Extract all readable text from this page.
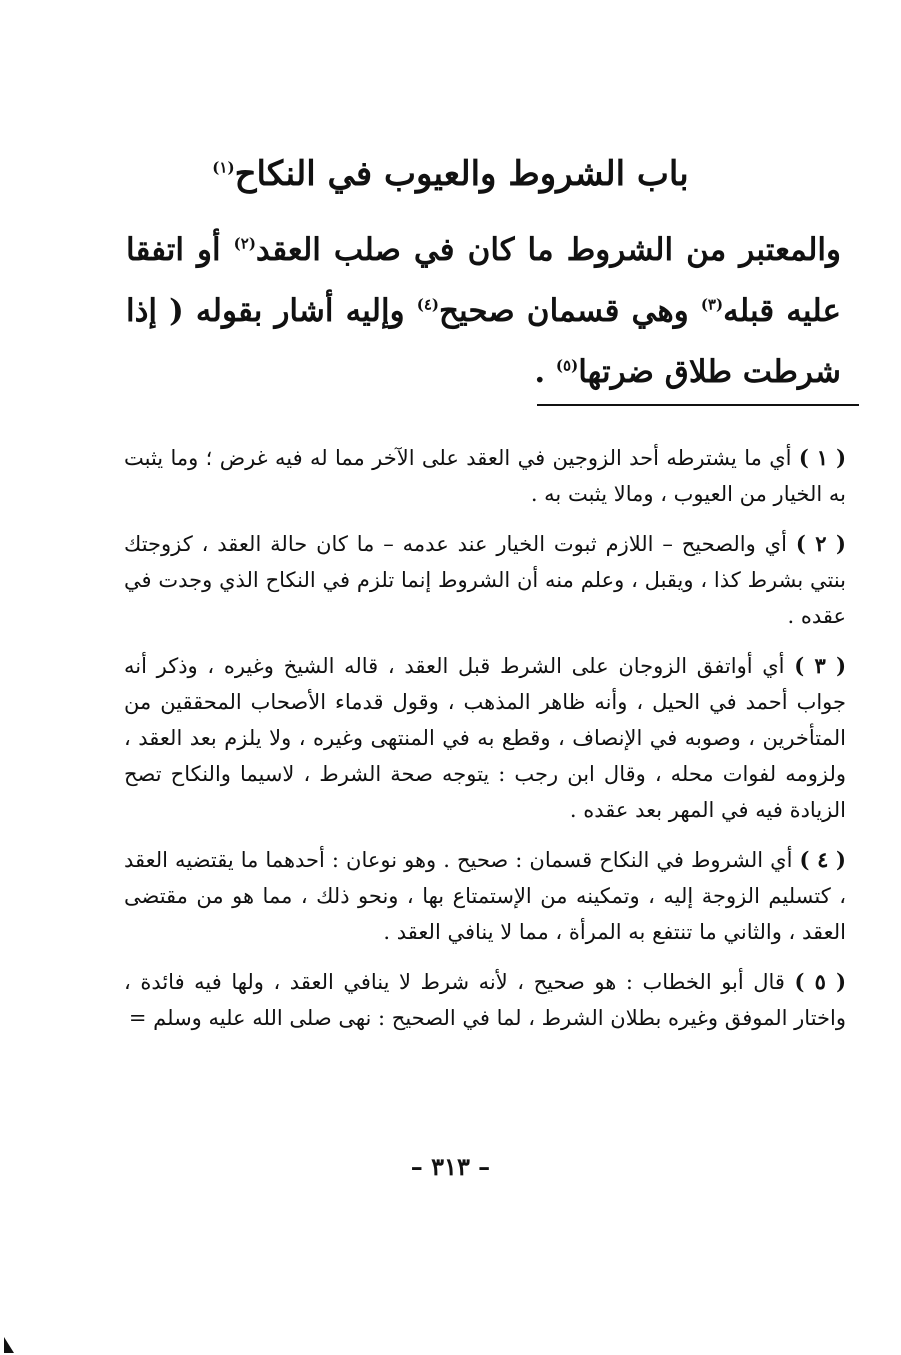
باب الشروط والعيوب في النكاح$^{(١)}$

والمعتبر من الشروط ما كان في صلب العقد$^{(٢)}$ أو اتفقا عليه قبله$^{(٣)}$ وهي قسمان صحيح$^{(٤)}$ وإليه أشار بقوله ( إذا شرطت طلاق ضرتها$^{(٥)}$ .

( ١ ) أي ما يشترطه أحد الزوجين في العقد على الآخر مما له فيه غرض ؛ وما يثبت به الخيار من العيوب ، ومالا يثبت به .

( ٢ ) أي والصحيح – اللازم ثبوت الخيار عند عدمه – ما كان حالة العقد ، كزوجتك بنتي بشرط كذا ، ويقبل ، وعلم منه أن الشروط إنما تلزم في النكاح الذي وجدت في عقده .

( ٣ ) أي أواتفق الزوجان على الشرط قبل العقد ، قاله الشيخ وغيره ، وذكر أنه جواب أحمد في الحيل ، وأنه ظاهر المذهب ، وقول قدماء الأصحاب المحققين من المتأخرين ، وصوبه في الإنصاف ، وقطع به في المنتهى وغيره ، ولا يلزم بعد العقد ، ولزومه لفوات محله ، وقال ابن رجب : يتوجه صحة الشرط ، لاسيما والنكاح تصح الزيادة فيه في المهر بعد عقده .

( ٤ ) أي الشروط في النكاح قسمان : صحيح . وهو نوعان : أحدهما ما يقتضيه العقد ، كتسليم الزوجة إليه ، وتمكينه من الإستمتاع بها ، ونحو ذلك ، مما هو من مقتضى العقد ، والثاني ما تنتفع به المرأة ، مما لا ينافي العقد .

( ٥ ) قال أبو الخطاب : هو صحيح ، لأنه شرط لا ينافي العقد ، ولها فيه فائدة ، واختار الموفق وغيره بطلان الشرط ، لما في الصحيح : نهى صلى الله عليه وسلم =

– ٣١٣ –
